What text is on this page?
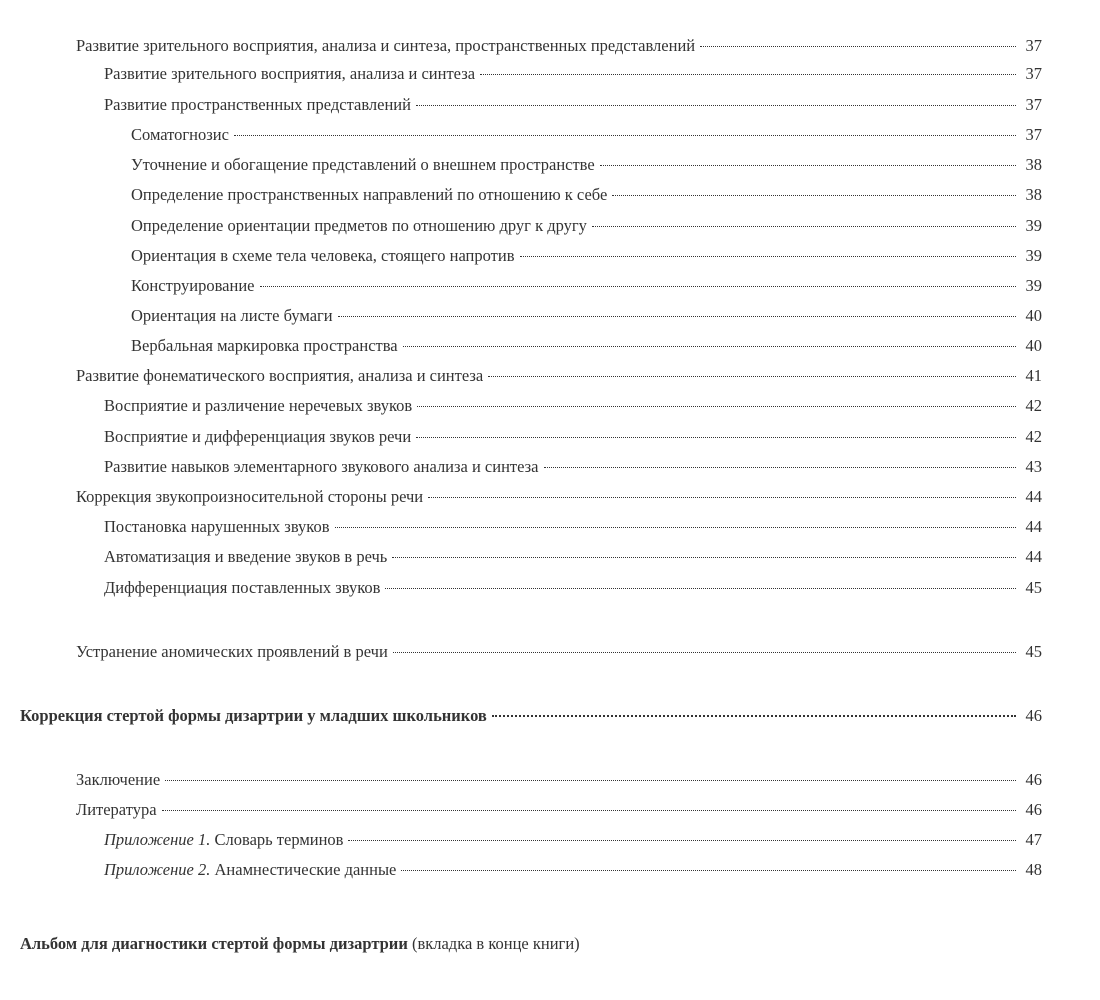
Развитие зрительного восприятия, анализа и синтеза, пространственных представлений	37
Развитие зрительного восприятия, анализа и синтеза	37
Развитие пространственных представлений	37
Соматогнозис	37
Уточнение и обогащение представлений о внешнем пространстве	38
Определение пространственных направлений по отношению к себе	38
Определение ориентации предметов по отношению друг к другу	39
Ориентация в схеме тела человека, стоящего напротив	39
Конструирование	39
Ориентация на листе бумаги	40
Вербальная маркировка пространства	40
Развитие фонематического восприятия, анализа и синтеза	41
Восприятие и различение неречевых звуков	42
Восприятие и дифференциация звуков речи	42
Развитие навыков элементарного звукового анализа и синтеза	43
Коррекция звукопроизносительной стороны речи	44
Постановка нарушенных звуков	44
Автоматизация и введение звуков в речь	44
Дифференциация поставленных звуков	45
Устранение аномических проявлений в речи	45
Коррекция стертой формы дизартрии у младших школьников	46
Заключение	46
Литература	46
Приложение 1. Словарь терминов	47
Приложение 2. Анамнестические данные	48
Альбом для диагностики стертой формы дизартрии (вкладка в конце книги)
